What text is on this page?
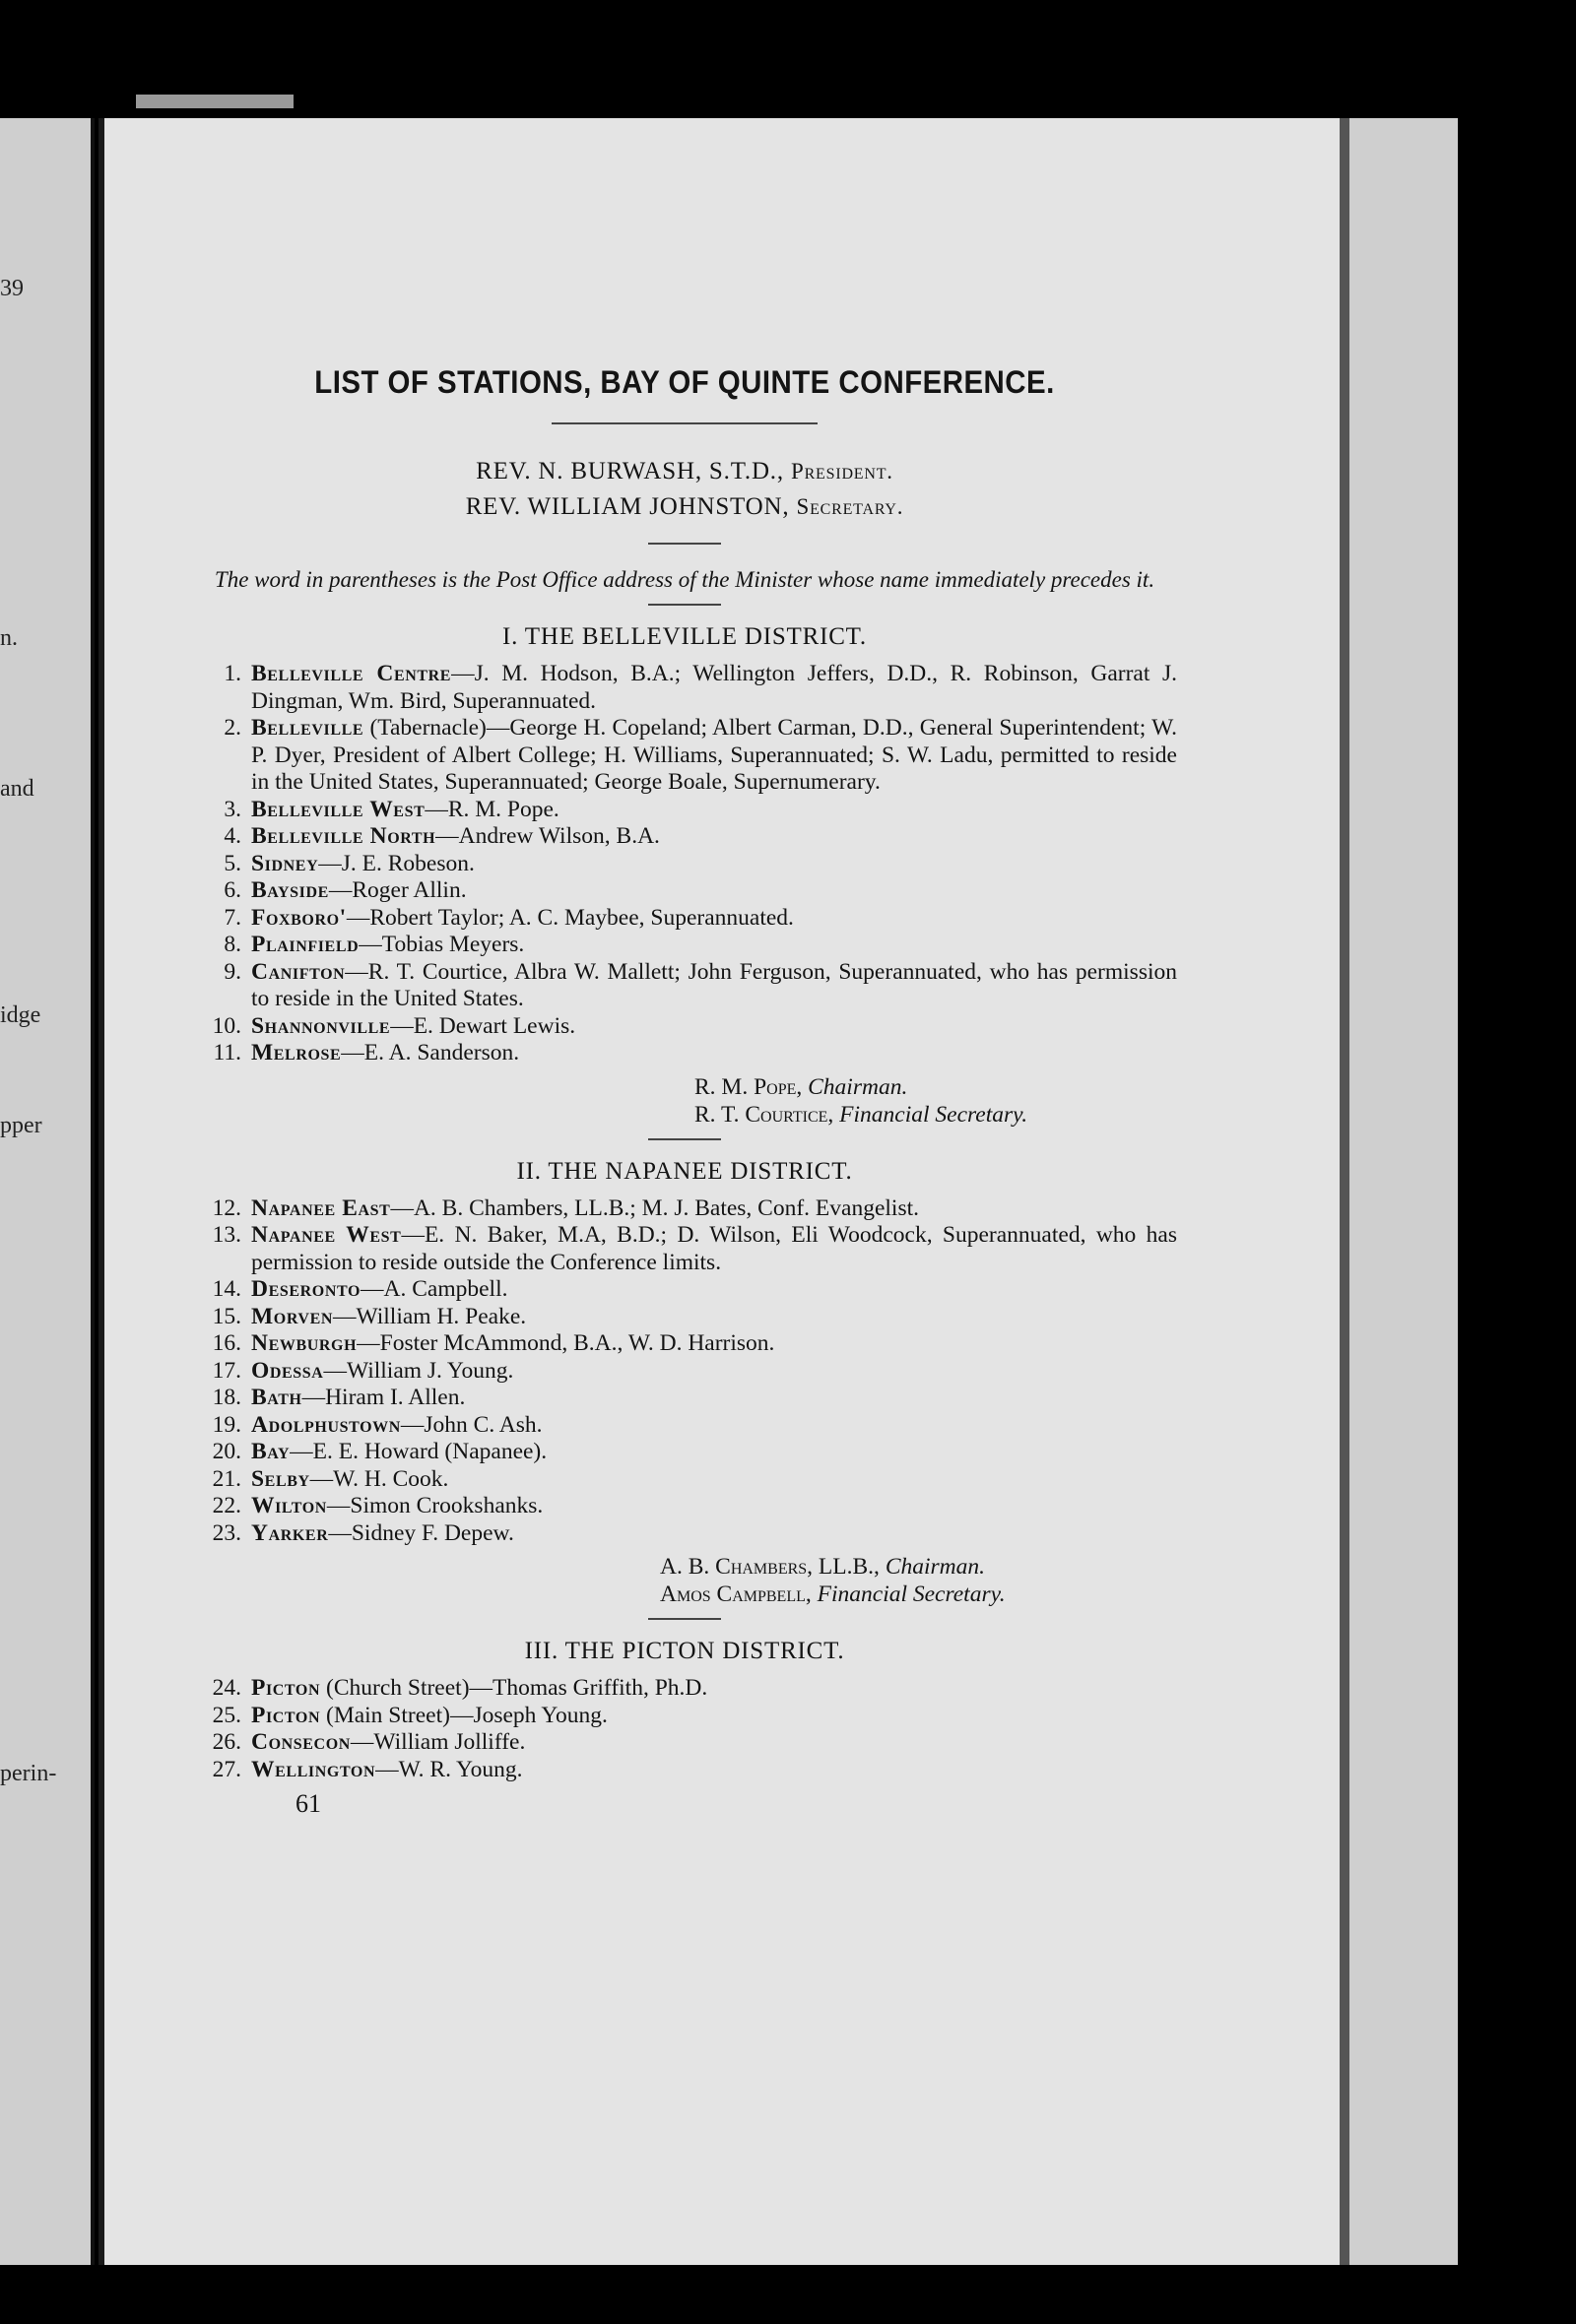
39
n.
and
idge
pper
perin-
LIST OF STATIONS, BAY OF QUINTE CONFERENCE.
REV. N. BURWASH, S.T.D., President.
REV. WILLIAM JOHNSTON, Secretary.

The word in parentheses is the Post Office address of the Minister whose name immediately precedes it.

I. THE BELLEVILLE DISTRICT.
1. Belleville Centre—J. M. Hodson, B.A.; Wellington Jeffers, D.D., R. Robinson, Garrat J. Dingman, Wm. Bird, Superannuated.
2. Belleville (Tabernacle)—George H. Copeland; Albert Carman, D.D., General Superintendent; W. P. Dyer, President of Albert College; H. Williams, Superannuated; S. W. Ladu, permitted to reside in the United States, Superannuated; George Boale, Supernumerary.
3. Belleville West—R. M. Pope.
4. Belleville North—Andrew Wilson, B.A.
5. Sidney—J. E. Robeson.
6. Bayside—Roger Allin.
7. Foxboro'—Robert Taylor; A. C. Maybee, Superannuated.
8. Plainfield—Tobias Meyers.
9. Canifton—R. T. Courtice, Albra W. Mallett; John Ferguson, Superannuated, who has permission to reside in the United States.
10. Shannonville—E. Dewart Lewis.
11. Melrose—E. A. Sanderson.
R. M. Pope, Chairman.
R. T. Courtice, Financial Secretary.
II. THE NAPANEE DISTRICT.
12. Napanee East—A. B. Chambers, LL.B.; M. J. Bates, Conf. Evangelist.
13. Napanee West—E. N. Baker, M.A, B.D.; D. Wilson, Eli Woodcock, Superannuated, who has permission to reside outside the Conference limits.
14. Deseronto—A. Campbell.
15. Morven—William H. Peake.
16. Newburgh—Foster McAmmond, B.A., W. D. Harrison.
17. Odessa—William J. Young.
18. Bath—Hiram I. Allen.
19. Adolphustown—John C. Ash.
20. Bay—E. E. Howard (Napanee).
21. Selby—W. H. Cook.
22. Wilton—Simon Crookshanks.
23. Yarker—Sidney F. Depew.
A. B. Chambers, LL.B., Chairman.
Amos Campbell, Financial Secretary.
III. THE PICTON DISTRICT.
24. Picton (Church Street)—Thomas Griffith, Ph.D.
25. Picton (Main Street)—Joseph Young.
26. Consecon—William Jolliffe.
27. Wellington—W. R. Young.
61
